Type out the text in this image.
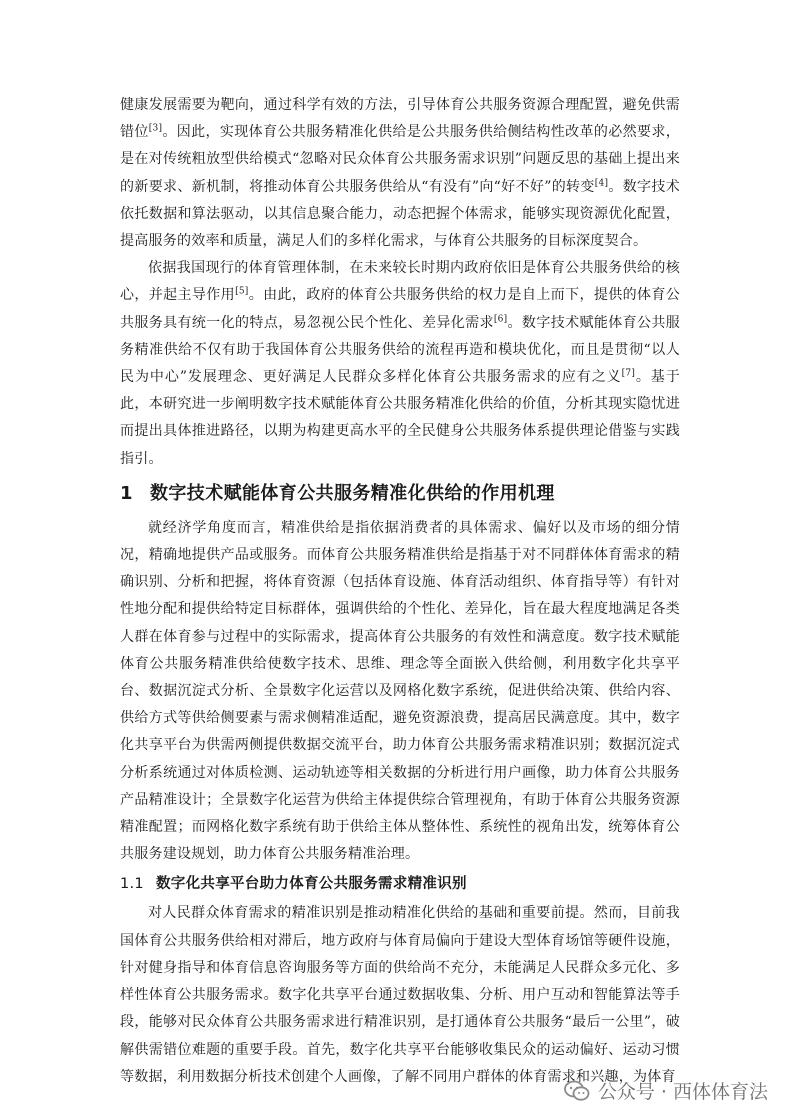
健康发展需要为靶向，通过科学有效的方法，引导体育公共服务资源合理配置，避免供需错位[3]。因此，实现体育公共服务精准化供给是公共服务供给侧结构性改革的必然要求，是在对传统粗放型供给模式“忽略对民众体育公共服务需求识别”问题反思的基础上提出来的新要求、新机制，将推动体育公共服务供给从“有没有”向“好不好”的转变[4]。数字技术依托数据和算法驱动，以其信息聚合能力，动态把握个体需求，能够实现资源优化配置，提高服务的效率和质量，满足人们的多样化需求，与体育公共服务的目标深度契合。

依据我国现行的体育管理体制，在未来较长时期内政府依旧是体育公共服务供给的核心，并起主导作用[5]。由此，政府的体育公共服务供给的权力是自上而下，提供的体育公共服务具有统一化的特点，易忽视公民个性化、差异化需求[6]。数字技术赋能体育公共服务精准供给不仅有助于我国体育公共服务供给的流程再造和模块优化，而且是贯彻“以人民为中心”发展理念、更好满足人民群众多样化体育公共服务需求的应有之义[7]。基于此，本研究进一步阐明数字技术赋能体育公共服务精准化供给的价值，分析其现实隐忧进而提出具体推进路径，以期为构建更高水平的全民健身公共服务体系提供理论借鉴与实践指引。

1 数字技术赋能体育公共服务精准化供给的作用机理

就经济学角度而言，精准供给是指依据消费者的具体需求、偏好以及市场的细分情况，精确地提供产品或服务。而体育公共服务精准供给是指基于对不同群体体育需求的精确识别、分析和把握，将体育资源（包括体育设施、体育活动组织、体育指导等）有针对性地分配和提供给特定目标群体，强调供给的个性化、差异化，旨在最大程度地满足各类人群在体育参与过程中的实际需求，提高体育公共服务的有效性和满意度。数字技术赋能体育公共服务精准供给使数字技术、思维、理念等全面嵌入供给侧，利用数字化共享平台、数据沉淀式分析、全景数字化运营以及网格化数字系统，促进供给决策、供给内容、供给方式等供给侧要素与需求侧精准适配，避免资源浪费，提高居民满意度。其中，数字化共享平台为供需两侧提供数据交流平台，助力体育公共服务需求精准识别；数据沉淀式分析系统通过对体质检测、运动轨迹等相关数据的分析进行用户画像，助力体育公共服务产品精准设计；全景数字化运营为供给主体提供综合管理视角，有助于体育公共服务资源精准配置；而网格化数字系统有助于供给主体从整体性、系统性的视角出发，统筹体育公共服务建设规划，助力体育公共服务精准治理。

1.1 数字化共享平台助力体育公共服务需求精准识别

对人民群众体育需求的精准识别是推动精准化供给的基础和重要前提。然而，目前我国体育公共服务供给相对滞后，地方政府与体育局偏向于建设大型体育场馆等硬件设施，针对健身指导和体育信息咨询服务等方面的供给尚不充分，未能满足人民群众多元化、多样性体育公共服务需求。数字化共享平台通过数据收集、分析、用户互动和智能算法等手段，能够对民众体育公共服务需求进行精准识别，是打通体育公共服务“最后一公里”，破解供需错位难题的重要手段。首先，数字化共享平台能够收集民众的运动偏好、运动习惯等数据，利用数据分析技术创建个人画像，了解不同用户群体的体育需求和兴趣，为体育

公众号 · 西体体育法
